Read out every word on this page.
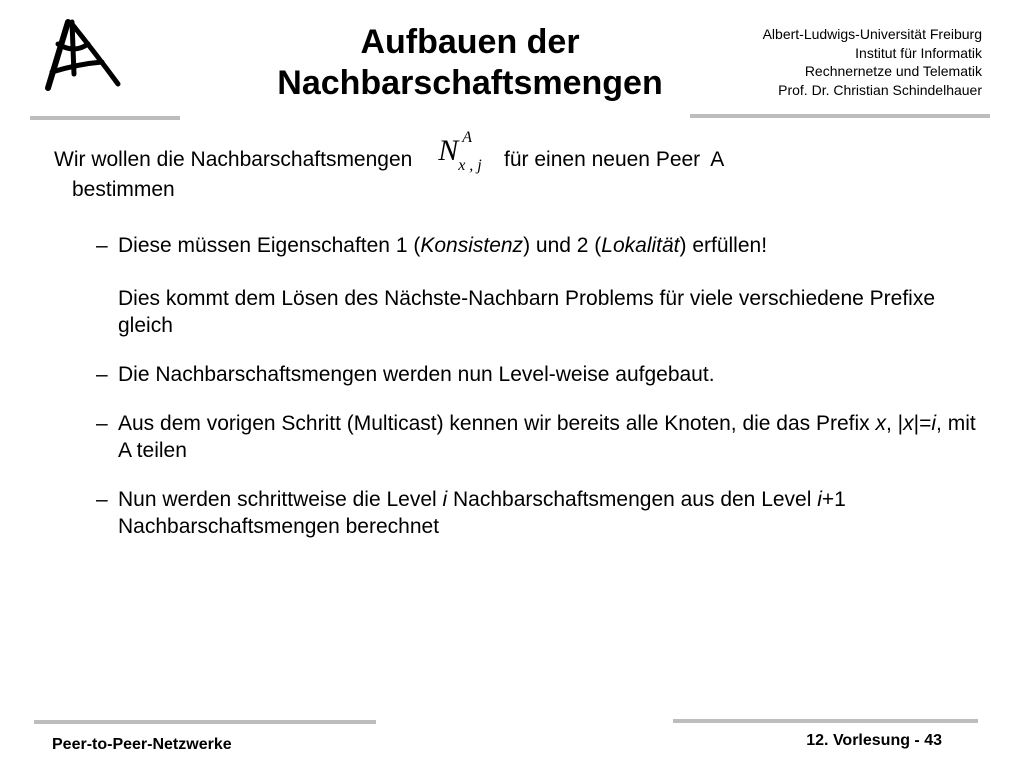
Aufbauen der
Nachbarschaftsmengen
Albert-Ludwigs-Universität Freiburg
Institut für Informatik
Rechnernetze und Telematik
Prof. Dr. Christian Schindelhauer
Wir wollen die Nachbarschaftsmengen N A
x , j für einen neuen Peer A
bestimmen
– Diese müssen Eigenschaften 1 (Konsistenz) und 2 (Lokalität) erfüllen!
Dies kommt dem Lösen des Nächste-Nachbarn Problems für viele verschiedene Prefixe gleich
– Die Nachbarschaftsmengen werden nun Level-weise aufgebaut.
– Aus dem vorigen Schritt (Multicast) kennen wir bereits alle Knoten, die das Prefix x, |x|=i, mit A teilen
– Nun werden schrittweise die Level i Nachbarschaftsmengen aus den Level i+1 Nachbarschaftsmengen berechnet
Peer-to-Peer-Netzwerke	12. Vorlesung - 43
